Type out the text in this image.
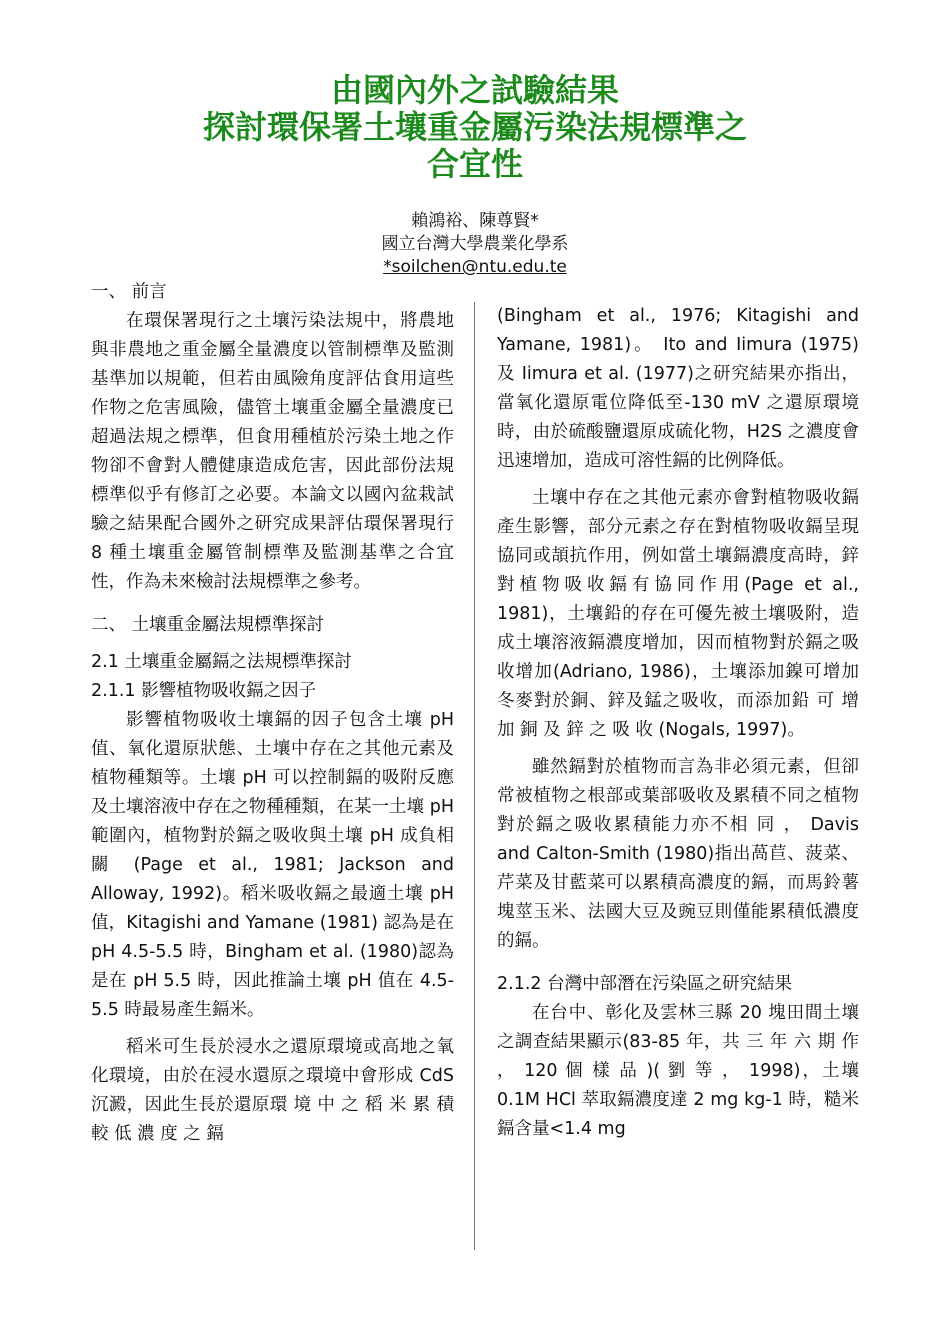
由國內外之試驗結果
探討環保署土壤重金屬污染法規標準之
合宜性
賴鴻裕、陳尊賢*
國立台灣大學農業化學系
*soilchen@ntu.edu.te

一、 前言

在環保署現行之土壤污染法規中，將農地與非農地之重金屬全量濃度以管制標準及監測基準加以規範，但若由風險角度評估食用這些作物之危害風險，儘管土壤重金屬全量濃度已超過法規之標準，但食用種植於污染土地之作物卻不會對人體健康造成危害，因此部份法規標準似乎有修訂之必要。本論文以國內盆栽試驗之結果配合國外之研究成果評估環保署現行 8 種土壤重金屬管制標準及監測基準之合宜性，作為未來檢討法規標準之參考。

二、 土壤重金屬法規標準探討

2.1 土壤重金屬鎘之法規標準探討

2.1.1 影響植物吸收鎘之因子

影響植物吸收土壤鎘的因子包含土壤 pH 值、氧化還原狀態、土壤中存在之其他元素及植物種類等。土壤 pH 可以控制鎘的吸附反應及土壤溶液中存在之物種種類，在某一土壤 pH 範圍內，植物對於鎘之吸收與土壤 pH 成負相關 (Page et al., 1981; Jackson and Alloway, 1992)。稻米吸收鎘之最適土壤 pH 值，Kitagishi and Yamane (1981) 認為是在 pH 4.5-5.5 時，Bingham et al. (1980)認為是在 pH 5.5 時，因此推論土壤 pH 值在 4.5-5.5 時最易產生鎘米。

稻米可生長於浸水之還原環境或高地之氧化環境，由於在浸水還原之環境中會形成 CdS 沉澱，因此生長於還原環 境 中 之 稻 米 累 積 較 低 濃 度 之 鎘

(Bingham et al., 1976; Kitagishi and Yamane, 1981)。 Ito and Iimura (1975) 及 Iimura et al. (1977)之研究結果亦指出，當氧化還原電位降低至-130 mV 之還原環境時，由於硫酸鹽還原成硫化物，H2S 之濃度會迅速增加，造成可溶性鎘的比例降低。

土壤中存在之其他元素亦會對植物吸收鎘產生影響，部分元素之存在對植物吸收鎘呈現協同或頡抗作用，例如當土壤鎘濃度高時，鋅對植物吸收鎘有協同作用(Page et al., 1981)，土壤鉛的存在可優先被土壤吸附，造成土壤溶液鎘濃度增加，因而植物對於鎘之吸收增加(Adriano, 1986)，土壤添加鎳可增加冬麥對於銅、鋅及錳之吸收，而添加鉛 可 增 加 銅 及 鋅 之 吸 收 (Nogals, 1997)。

雖然鎘對於植物而言為非必須元素，但卻常被植物之根部或葉部吸收及累積不同之植物對於鎘之吸收累積能力亦不相 同 ， Davis and Calton-Smith (1980)指出萵苣、菠菜、芹菜及甘藍菜可以累積高濃度的鎘，而馬鈴薯塊莖玉米、法國大豆及豌豆則僅能累積低濃度的鎘。

2.1.2 台灣中部潛在污染區之研究結果

在台中、彰化及雲林三縣 20 塊田間土壤之調查結果顯示(83-85 年，共 三 年 六 期 作 ， 120 個 樣 品 )( 劉 等 ， 1998)，土壤 0.1M HCl 萃取鎘濃度達 2 mg kg-1 時，糙米鎘含量<1.4 mg
